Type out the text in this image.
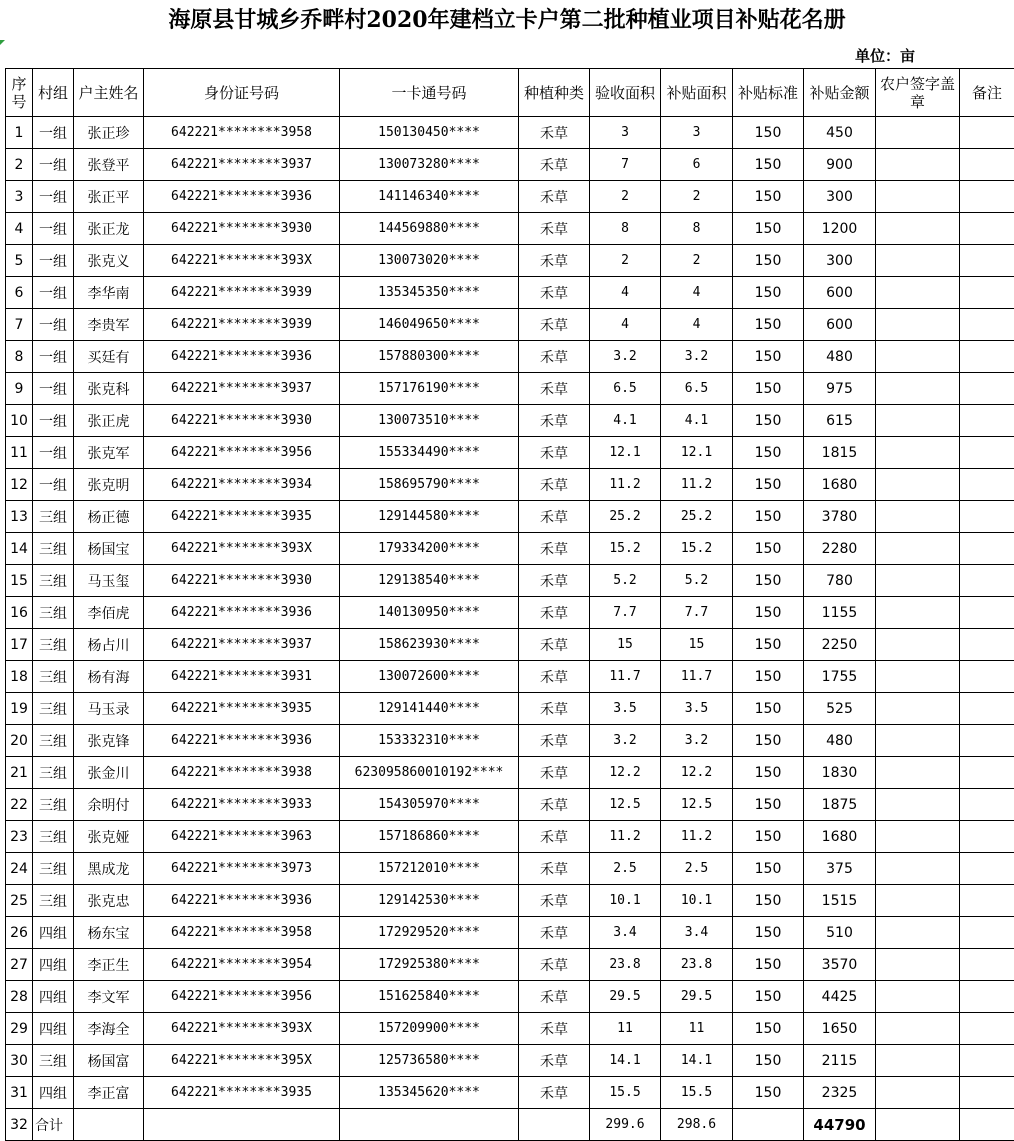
海原县甘城乡乔畔村2020年建档立卡户第二批种植业项目补贴花名册
单位：亩
序号	村组	户主姓名	身份证号码	一卡通号码	种植种类	验收面积	补贴面积	补贴标准	补贴金额	农户签字盖章	备注
1	一组	张正珍	642221********3958	150130450****	禾草	3	3	150	450		
2	一组	张登平	642221********3937	130073280****	禾草	7	6	150	900		
3	一组	张正平	642221********3936	141146340****	禾草	2	2	150	300		
4	一组	张正龙	642221********3930	144569880****	禾草	8	8	150	1200		
5	一组	张克义	642221********393X	130073020****	禾草	2	2	150	300		
6	一组	李华南	642221********3939	135345350****	禾草	4	4	150	600		
7	一组	李贵军	642221********3939	146049650****	禾草	4	4	150	600		
8	一组	买廷有	642221********3936	157880300****	禾草	3.2	3.2	150	480		
9	一组	张克科	642221********3937	157176190****	禾草	6.5	6.5	150	975		
10	一组	张正虎	642221********3930	130073510****	禾草	4.1	4.1	150	615		
11	一组	张克军	642221********3956	155334490****	禾草	12.1	12.1	150	1815		
12	一组	张克明	642221********3934	158695790****	禾草	11.2	11.2	150	1680		
13	三组	杨正德	642221********3935	129144580****	禾草	25.2	25.2	150	3780		
14	三组	杨国宝	642221********393X	179334200****	禾草	15.2	15.2	150	2280		
15	三组	马玉玺	642221********3930	129138540****	禾草	5.2	5.2	150	780		
16	三组	李佰虎	642221********3936	140130950****	禾草	7.7	7.7	150	1155		
17	三组	杨占川	642221********3937	158623930****	禾草	15	15	150	2250		
18	三组	杨有海	642221********3931	130072600****	禾草	11.7	11.7	150	1755		
19	三组	马玉录	642221********3935	129141440****	禾草	3.5	3.5	150	525		
20	三组	张克锋	642221********3936	153332310****	禾草	3.2	3.2	150	480		
21	三组	张金川	642221********3938	623095860010192****	禾草	12.2	12.2	150	1830		
22	三组	余明付	642221********3933	154305970****	禾草	12.5	12.5	150	1875		
23	三组	张克娅	642221********3963	157186860****	禾草	11.2	11.2	150	1680		
24	三组	黑成龙	642221********3973	157212010****	禾草	2.5	2.5	150	375		
25	三组	张克忠	642221********3936	129142530****	禾草	10.1	10.1	150	1515		
26	四组	杨东宝	642221********3958	172929520****	禾草	3.4	3.4	150	510		
27	四组	李正生	642221********3954	172925380****	禾草	23.8	23.8	150	3570		
28	四组	李文军	642221********3956	151625840****	禾草	29.5	29.5	150	4425		
29	四组	李海全	642221********393X	157209900****	禾草	11	11	150	1650		
30	三组	杨国富	642221********395X	125736580****	禾草	14.1	14.1	150	2115		
31	四组	李正富	642221********3935	135345620****	禾草	15.5	15.5	150	2325		
32	合计					299.6	298.6		44790		
